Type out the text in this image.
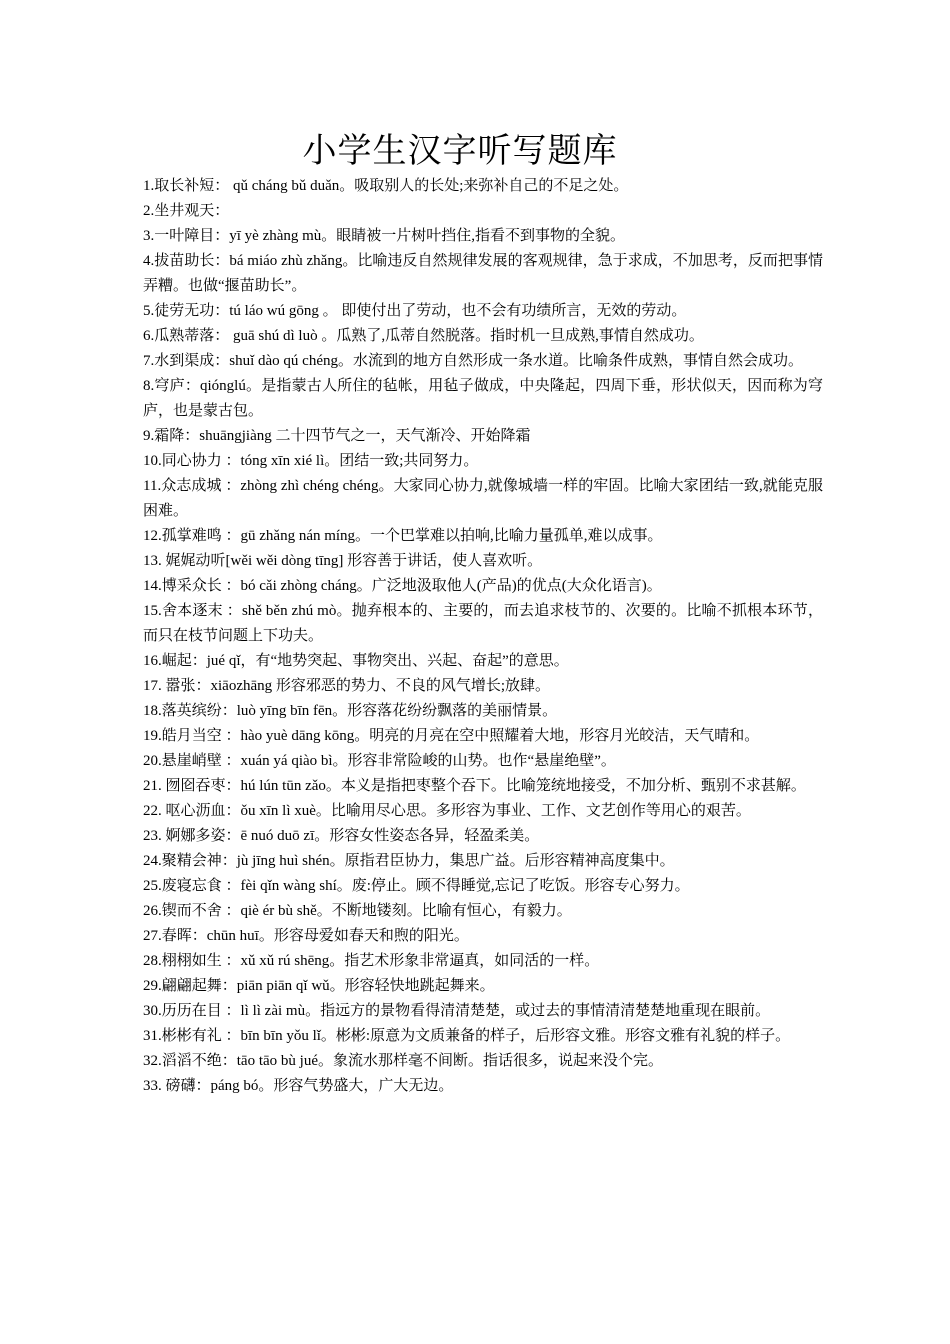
小学生汉字听写题库

1.取长补短： qǔ cháng bǔ duǎn。吸取别人的长处;来弥补自己的不足之处。

2.坐井观天：

3.一叶障目：yī yè zhàng mù。眼睛被一片树叶挡住,指看不到事物的全貌。

4.拔苗助长：bá miáo zhù zhǎng。比喻违反自然规律发展的客观规律，急于求成，不加思考，反而把事情弄糟。也做“揠苗助长”。

5.徒劳无功：tú láo wú gōng 。 即使付出了劳动，也不会有功绩所言，无效的劳动。

6.瓜熟蒂落： guā shú dì luò 。瓜熟了,瓜蒂自然脱落。指时机一旦成熟,事情自然成功。

7.水到渠成：shuǐ dào qú chéng。水流到的地方自然形成一条水道。比喻条件成熟，事情自然会成功。

8.穹庐：qiónglú。是指蒙古人所住的毡帐，用毡子做成，中央隆起，四周下垂，形状似天，因而称为穹庐，也是蒙古包。

9.霜降：shuāngjiàng 二十四节气之一，天气渐冷、开始降霜

10.同心协力 ：tóng xīn xié lì。团结一致;共同努力。

11.众志成城 ：zhòng zhì chéng chéng。大家同心协力,就像城墙一样的牢固。比喻大家团结一致,就能克服困难。

12.孤掌难鸣 ：gū zhǎng nán míng。一个巴掌难以拍响,比喻力量孤单,难以成事。

13. 娓娓动听[wěi wěi dòng tīng] 形容善于讲话，使人喜欢听。

14.博采众长 ：bó cǎi zhòng cháng。广泛地汲取他人(产品)的优点(大众化语言)。

15.舍本逐末 ：shě běn zhú mò。抛弃根本的、主要的，而去追求枝节的、次要的。比喻不抓根本环节，而只在枝节问题上下功夫。

16.崛起：jué qǐ，有“地势突起、事物突出、兴起、奋起”的意思。

17. 嚣张：xiāozhāng 形容邪恶的势力、不良的风气增长;放肆。

18.落英缤纷：luò yīng bīn fēn。形容落花纷纷飘落的美丽情景。

19.皓月当空 ：hào yuè dāng kōng。明亮的月亮在空中照耀着大地，形容月光皎洁，天气晴和。

20.悬崖峭壁 ：xuán yá qiào bì。形容非常险峻的山势。也作“悬崖绝壁”。

21. 囫囵吞枣：hú lún tūn zǎo。本义是指把枣整个吞下。比喻笼统地接受，不加分析、甄别不求甚解。

22. 呕心沥血：ǒu xīn lì xuè。比喻用尽心思。多形容为事业、工作、文艺创作等用心的艰苦。

23. 婀娜多姿：ē nuó duō zī。形容女性姿态各异，轻盈柔美。

24.聚精会神：jù jīng huì shén。原指君臣协力，集思广益。后形容精神高度集中。

25.废寝忘食 ：fèi qǐn wàng shí。废:停止。顾不得睡觉,忘记了吃饭。形容专心努力。

26.锲而不舍 ：qiè ér bù shě。不断地镂刻。比喻有恒心，有毅力。

27.春晖：chūn huī。形容母爱如春天和煦的阳光。

28.栩栩如生 ：xǔ xǔ rú shēng。指艺术形象非常逼真，如同活的一样。

29.翩翩起舞：piān piān qǐ wǔ。形容轻快地跳起舞来。

30.历历在目 ：lì lì zài mù。指远方的景物看得清清楚楚，或过去的事情清清楚楚地重现在眼前。

31.彬彬有礼 ：bīn bīn yǒu lǐ。彬彬:原意为文质兼备的样子，后形容文雅。形容文雅有礼貌的样子。

32.滔滔不绝：tāo tāo bù jué。象流水那样毫不间断。指话很多，说起来没个完。

33. 磅礴：páng bó。形容气势盛大，广大无边。
